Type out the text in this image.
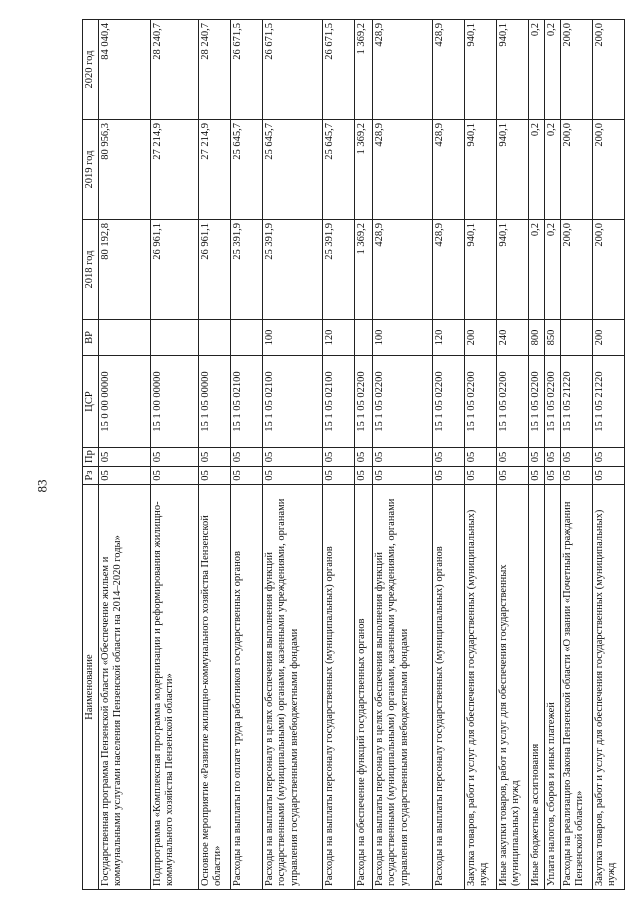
83
Наименование	Рз	Пр	ЦСР	ВР	2018 год	2019 год	2020 год
Государственная программа Пензенской области «Обеспечение жильем и коммунальными услугами населения Пензенской области на 2014–2020 годы»	05	05	15 0 00 00000		80 192,8	80 956,3	84 040,4
Подпрограмма «Комплексная программа модернизации и реформирования жилищно-коммунального хозяйства Пензенской области»	05	05	15 1 00 00000		26 961,1	27 214,9	28 240,7
Основное мероприятие «Развитие жилищно-коммунального хозяйства Пензенской области»	05	05	15 1 05 00000		26 961,1	27 214,9	28 240,7
Расходы на выплаты по оплате труда работников государственных органов	05	05	15 1 05 02100		25 391,9	25 645,7	26 671,5
Расходы на выплаты персоналу в целях обеспечения выполнения функций государственными (муниципальными) органами, казенными учреждениями, органами управления государственными внебюджетными фондами	05	05	15 1 05 02100	100	25 391,9	25 645,7	26 671,5
Расходы на выплаты персоналу государственных (муниципальных) органов	05	05	15 1 05 02100	120	25 391,9	25 645,7	26 671,5
Расходы на обеспечение функций государственных органов	05	05	15 1 05 02200		1 369,2	1 369,2	1 369,2
Расходы на выплаты персоналу в целях обеспечения выполнения функций государственными (муниципальными) органами, казенными учреждениями, органами управления государственными внебюджетными фондами	05	05	15 1 05 02200	100	428,9	428,9	428,9
Расходы на выплаты персоналу государственных (муниципальных) органов	05	05	15 1 05 02200	120	428,9	428,9	428,9
Закупка товаров, работ и услуг для обеспечения государственных (муниципальных) нужд	05	05	15 1 05 02200	200	940,1	940,1	940,1
Иные закупки товаров, работ и услуг для обеспечения государственных (муниципальных) нужд	05	05	15 1 05 02200	240	940,1	940,1	940,1
Иные бюджетные ассигнования	05	05	15 1 05 02200	800	0,2	0,2	0,2
Уплата налогов, сборов и иных платежей	05	05	15 1 05 02200	850	0,2	0,2	0,2
Расходы на реализацию Закона Пензенской области «О звании «Почетный гражданин Пензенской области»	05	05	15 1 05 21220		200,0	200,0	200,0
Закупка товаров, работ и услуг для обеспечения государственных (муниципальных) нужд	05	05	15 1 05 21220	200	200,0	200,0	200,0
